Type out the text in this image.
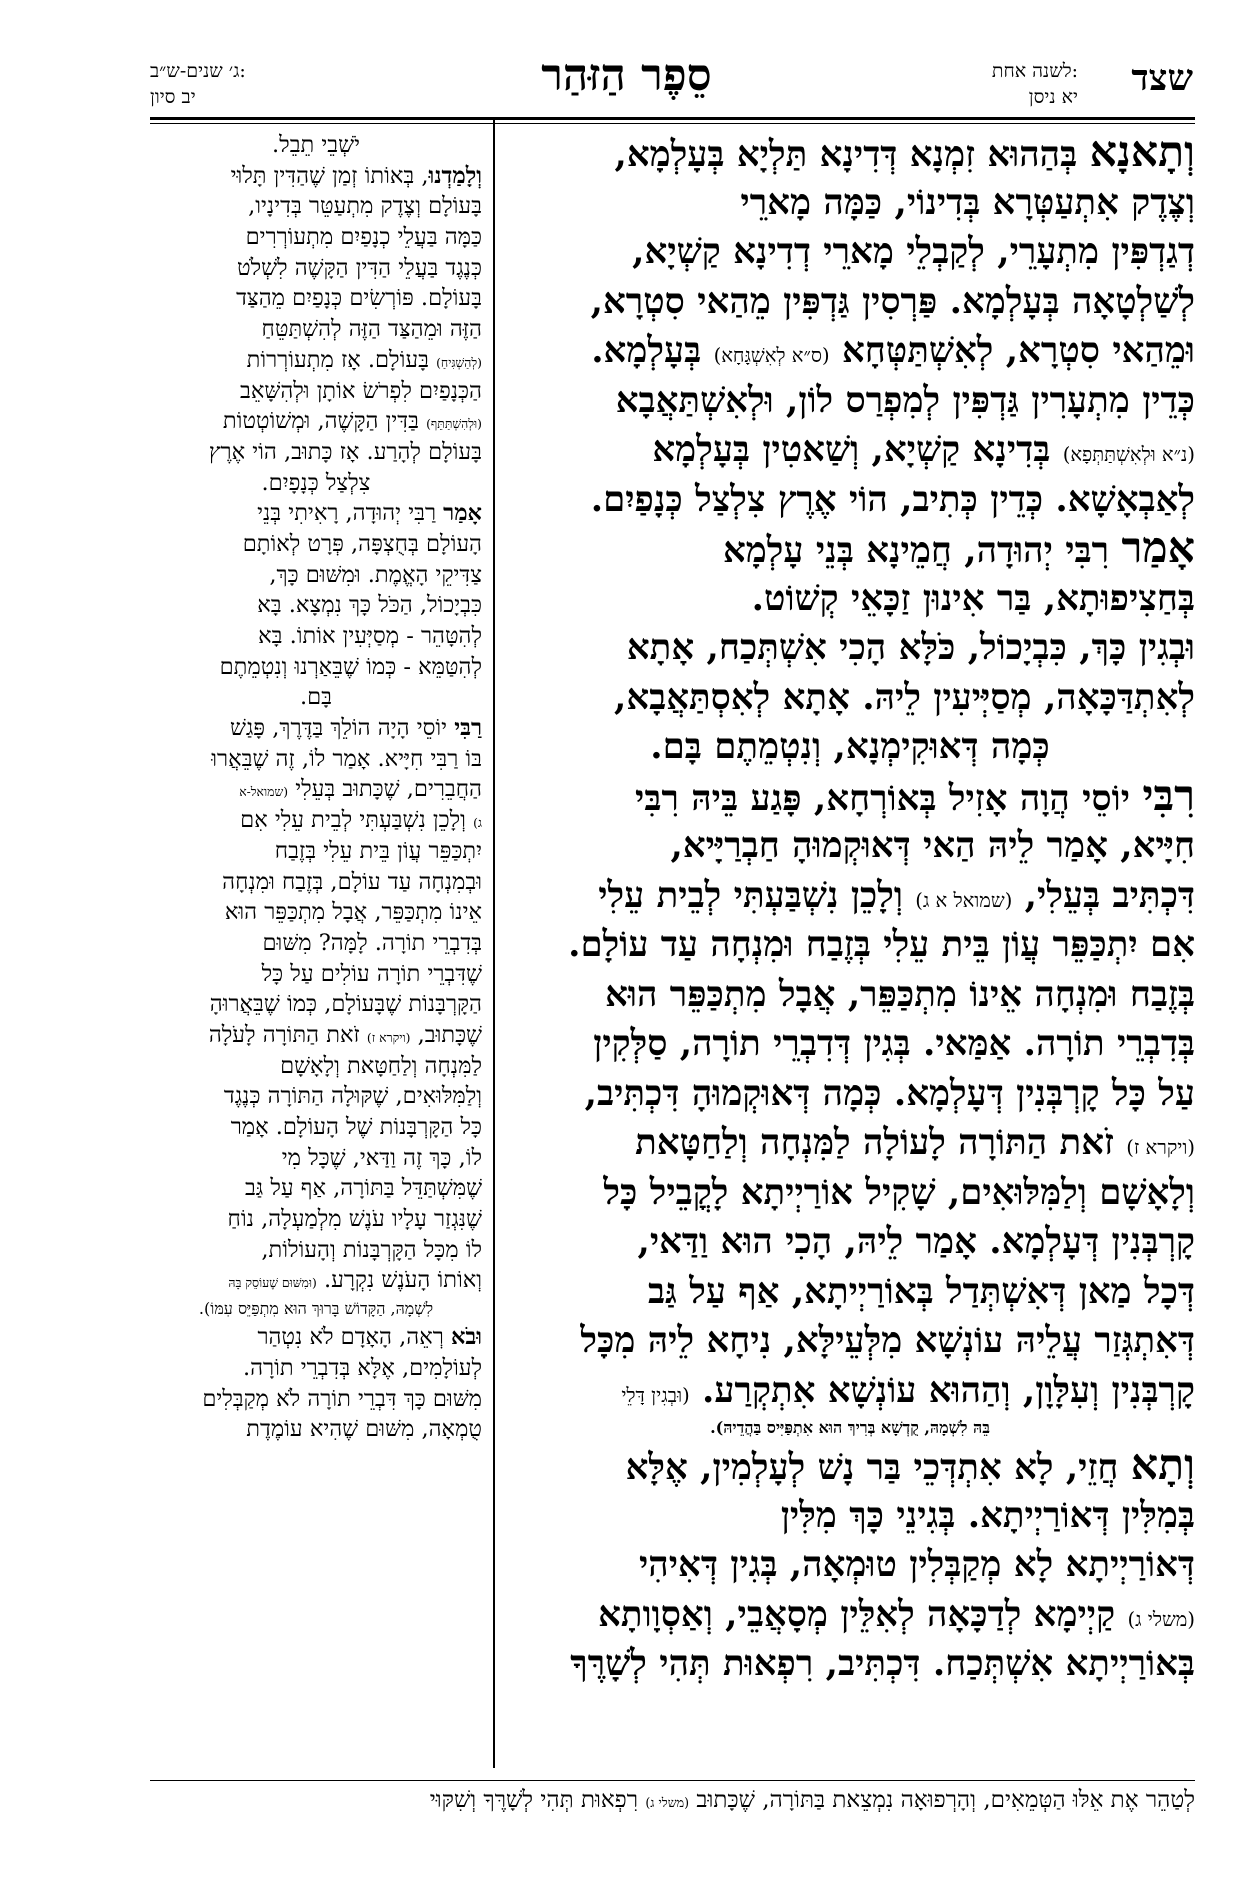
שצד
לשנה אחת:
יא ניסן
סֵפֶר הַזּהַר
ג׳ שנים-ש״ב:
יב סיון
וְתָאנָא בְּהַהוּא זִמְנָא דְּדִינָא תַּלְיָא בְּעָלְמָא,
וְצֶדֶק אִתְעַטְּרָא בְּדִינוֹי, כַּמָּה מָארֵי
דְגַדְפִּין מִתְעָרֵי, לְקַבְלֵי מָארֵי דְדִינָא קַשְׁיָא,
לְשַׁלְטָאָה בְּעָלְמָא. פַּרְסִין גַּדְפִּין מֵהַאי סִטְרָא,
וּמֵהַאי סִטְרָא, לְאִשְׁתַּטְּחָא (ס״א לְאִשְׁגָּחָא) בְּעָלְמָא.
כְּדֵין מִתְעָרִין גַּדְפִּין לְמִפְרַס לוֹן, וּלְאִשְׁתַּאֲבָא
(נ״א וּלְאִשְׁתַּתְּפָא) בְּדִינָא קַשְׁיָא, וְשַׁאטִין בְּעָלְמָא
לְאַבְאָשָׁא. כְּדֵין כְּתִיב, הוֹי אֶרֶץ צִלְצַל כְּנָפַיִם.
אָמַר רִבִּי יְהוּדָה, חֲמֵינָא בְּנֵי עָלְמָא
בְּחַצִיפוּתָא, בַּר אִינוּן זַכָּאֵי קְשׁוֹט.
וּבְגִין כָּךְ, כִּבְיָכוֹל, כֹּלָּא הָכִי אִשְׁתְּכַח, אָתָא
לְאִתְדַּכָּאָה, מְסַיְּיעִין לֵיהּ. אָתָא לְאִסְתַּאֲבָא,
כְּמָה דְּאוּקִימְנָא, וְנִטְמֵתֶם בָּם.
רִבִּי יוֹסֵי הֲוָה אָזִיל בְּאוֹרְחָא, פָּגַע בֵּיהּ רִבִּי
חִיָּיא, אָמַר לֵיהּ הַאי דְּאוּקְמוּהָ חַבְרַיָּיא,
דִּכְתִּיב בְּעֵלִי, (שמואל א ג) וְלָכֵן נִשְׁבַּעְתִּי לְבֵית עֵלִי
אִם יִתְכַּפֵּר עֲוֹן בֵּית עֵלִי בְּזֶבַח וּמִנְחָה עַד עוֹלָם.
בְּזֶבַח וּמִנְחָה אֵינוֹ מִתְכַּפֵּר, אֲבָל מִתְכַּפֵּר הוּא
בְּדִבְרֵי תוֹרָה. אַמַּאי. בְּגִין דְּדִבְרֵי תוֹרָה, סַלְּקִין
עַל כָּל קָרְבְּנִין דְּעָלְמָא. כְּמָה דְּאוּקְמוּהָ דִּכְתִּיב,
(ויקרא ז) זֹאת הַתּוֹרָה לָעוֹלָה לַמִּנְחָה וְלַחַטָּאת
וְלָאָשָׁם וְלַמִּלּוּאִים, שָׁקִיל אוֹרַיְיתָא לָקֳבֵיל כָּל
קָרְבְּנִין דְּעָלְמָא. אָמַר לֵיהּ, הָכִי הוּא וַדַּאי,
דְּכָל מַאן דְּאִשְׁתְּדַל בְּאוֹרַיְיתָא, אַף עַל גַּב
דְּאִתְגְּזַר עֲלֵיהּ עוֹנְשָׁא מִלְּעֵילָּא, נִיחָא לֵיהּ מִכָּל
קָרְבְּנִין וְעִלָּוָן, וְהַהוּא עוֹנְשָׁא אִתְקְרַע. (וּבְגִין דָּלֵי
בֵּהּ לִשְׁמָהּ, קֻדְשָׁא בְּרִיךְ הוּא אִתְפַּיִּיס בַּהֲדֵיהּ).
וְתָא חֲזֵי, לָא אִתְדְּכֵי בַּר נָשׁ לְעָלְמִין, אֶלָּא
בְּמִלִּין דְּאוֹרַיְיתָא. בְּגִינֵי כָּךְ מִלִּין
דְּאוֹרַיְיתָא לָא מְקַבְּלִין טוּמְאָה, בְּגִין דְּאִיהִי
(משלי ג) קַיְימָא לְדַכָּאָה לְאִלֵּין מְסָאֲבֵי, וְאַסְוָותָא
בְּאוֹרַיְיתָא אִשְׁתְּכַח. דִּכְתִּיב, רִפְאוּת תְּהִי לְשָׁרֶּךָ
יֹשְׁבֵי תֵבֵל.
וְלָמַדְנוּ, בְּאוֹתוֹ זְמַן שֶׁהַדִּין תָּלוּי
בָּעוֹלָם וְצֶדֶק מִתְעַטֵּר בְּדִינָיו,
כַּמָּה בַּעֲלֵי כְנָפַיִם מִתְעוֹרְרִים
כְּנֶגֶד בַּעֲלֵי הַדִּין הַקָּשֶׁה לִשְׁלֹט
בָּעוֹלָם. פּוֹרְשִׂים כְּנָפַיִם מֵהַצַּד
הַזֶּה וּמֵהַצַּד הַזֶּה לְהִשְׁתַּטֵּחַ
(לְהַשְׁגִּיחַ) בָּעוֹלָם. אָז מִתְעוֹרְרוֹת
הַכְּנָפַיִם לִפְרֹשׂ אוֹתָן וּלְהִשָּׁאֵב
(וּלְהִשְׁתַּתֵּף) בַּדִּין הַקָּשֶׁה, וּמְשׁוֹטְטוֹת
בָּעוֹלָם לְהָרַע. אָז כָּתוּב, הוֹי אֶרֶץ
צִלְצַל כְּנָפָיִם.
אָמַר רַבִּי יְהוּדָה, רָאִיתִי בְּנֵי
הָעוֹלָם בְּחֻצְפָּה, פְּרָט לְאוֹתָם
צַדִּיקֵי הָאֱמֶת. וּמִשּׁוּם כָּךְ,
כִּבְיָכוֹל, הַכֹּל כָּךְ נִמְצָא. בָּא
לְהִטָּהֵר - מְסַיְּעִין אוֹתוֹ. בָּא
לְהִטַּמֵּא - כְּמוֹ שֶׁבֵּאַרְנוּ וְנִטְמֵתֶם
בָּם.
רַבִּי יוֹסֵי הָיָה הוֹלֵךְ בַּדֶּרֶךְ, פָּגַשׁ
בּוֹ רַבִּי חִיָּיא. אָמַר לוֹ, זֶה שֶׁבֵּאֲרוּ
הַחֲבֵרִים, שֶׁכָּתוּב בְּעֵלִי (שמואל-א
ג) וְלָכֵן נִשְׁבַּעְתִּי לְבֵית עֵלִי אִם
יִתְכַּפֵּר עֲוֹן בֵּית עֵלִי בְּזֶבַח
וּבְמִנְחָה עַד עוֹלָם, בְּזֶבַח וּמִנְחָה
אֵינוֹ מִתְכַּפֵּר, אֲבָל מִתְכַּפֵּר הוּא
בְּדִבְרֵי תוֹרָה. לָמָּה? מִשּׁוּם
שֶׁדִּבְרֵי תוֹרָה עוֹלִים עַל כָּל
הַקָּרְבָּנוֹת שֶׁבָּעוֹלָם, כְּמוֹ שֶׁבֵּאֲרוּהָ
שֶׁכָּתוּב, (ויקרא ז) זֹאת הַתּוֹרָה לָעֹלָה
לַמִּנְחָה וְלַחַטָּאת וְלָאָשָׁם
וְלַמִּלּוּאִים, שֶׁקּוּלָה הַתּוֹרָה כְּנֶגֶד
כָּל הַקָּרְבָּנוֹת שֶׁל הָעוֹלָם. אָמַר
לוֹ, כָּךְ זֶה וַדַּאי, שֶׁכָּל מִי
שֶׁמִּשְׁתַּדֵּל בַּתּוֹרָה, אַף עַל גַּב
שֶׁנִּגְזַר עָלָיו עֹנֶשׁ מִלְמַעְלָה, נוֹחַ
לוֹ מִכָּל הַקָּרְבָּנוֹת וְהָעוֹלוֹת,
וְאוֹתוֹ הָעֹנֶשׁ נִקְרָע. (וּמִשּׁוּם שֶׁעוֹסֵק בָּהּ
לִשְׁמָהּ, הַקָּדוֹשׁ בָּרוּךְ הוּא מִתְפַּיֵּס עִמּוֹ).
וּבֹא רְאֵה, הָאָדָם לֹא נִטְהַר
לְעוֹלָמִים, אֶלָּא בְּדִבְרֵי תוֹרָה.
מִשּׁוּם כָּךְ דִּבְרֵי תוֹרָה לֹא מְקַבְּלִים
טֻמְאָה, מִשּׁוּם שֶׁהִיא עוֹמֶדֶת
לְטַהֵר אֶת אֵלּוּ הַטְּמֵאִים, וְהָרְפוּאָה נִמְצֵאת בַּתּוֹרָה, שֶׁכָּתוּב (משלי ג) רִפְאוּת תְּהִי לְשָׁרֶּךָ וְשִׁקּוּי
